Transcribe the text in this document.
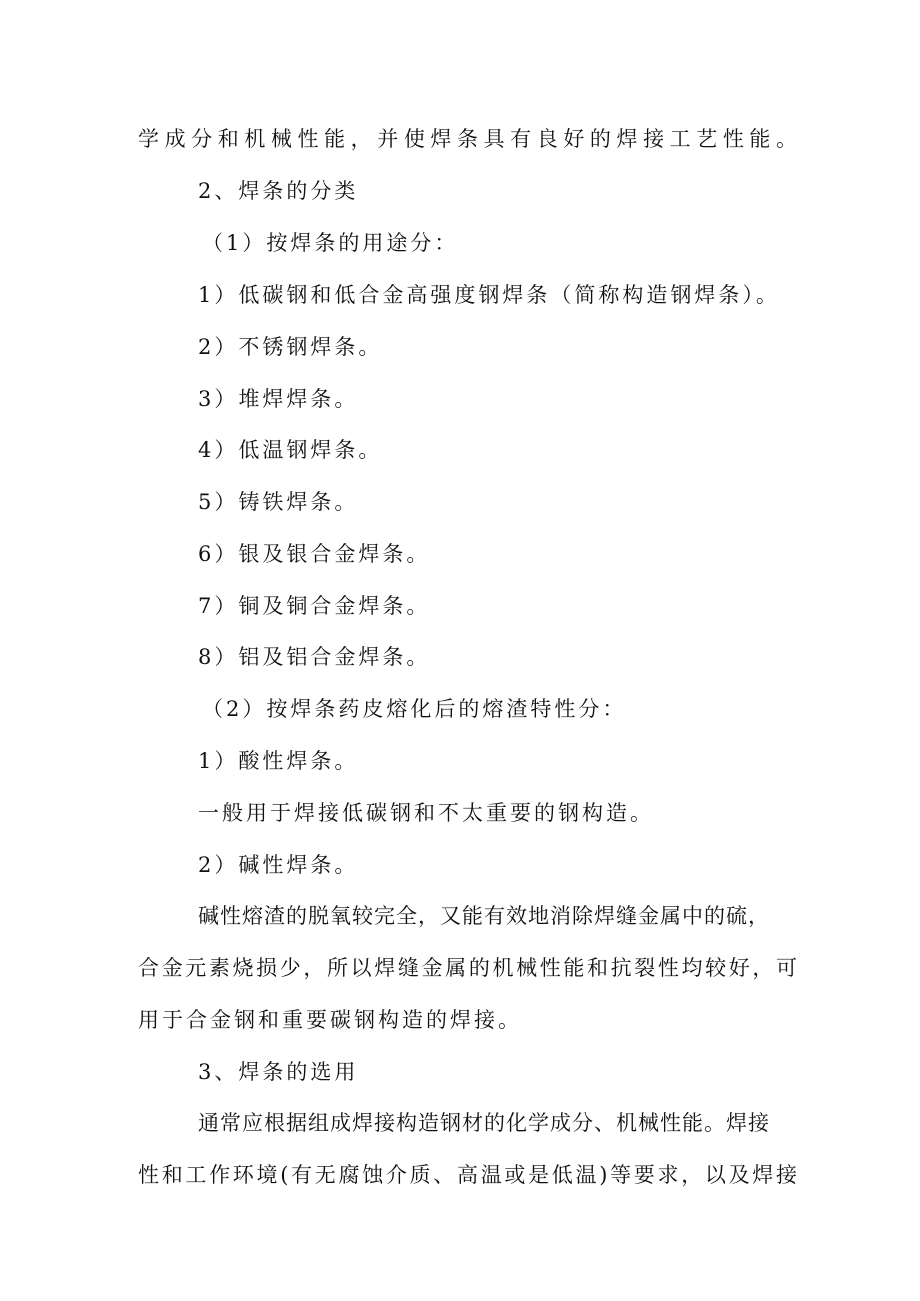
学成分和机械性能，并使焊条具有良好的焊接工艺性能。
2、焊条的分类
（1）按焊条的用途分：
1）低碳钢和低合金高强度钢焊条（简称构造钢焊条）。
2）不锈钢焊条。
3）堆焊焊条。
4）低温钢焊条。
5）铸铁焊条。
6）银及银合金焊条。
7）铜及铜合金焊条。
8）铝及铝合金焊条。
（2）按焊条药皮熔化后的熔渣特性分：
1）酸性焊条。
一般用于焊接低碳钢和不太重要的钢构造。
2）碱性焊条。
碱性熔渣的脱氧较完全，又能有效地消除焊缝金属中的硫，
合金元素烧损少，所以焊缝金属的机械性能和抗裂性均较好，可
用于合金钢和重要碳钢构造的焊接。
3、焊条的选用
通常应根据组成焊接构造钢材的化学成分、机械性能。焊接
性和工作环境(有无腐蚀介质、高温或是低温)等要求，以及焊接
